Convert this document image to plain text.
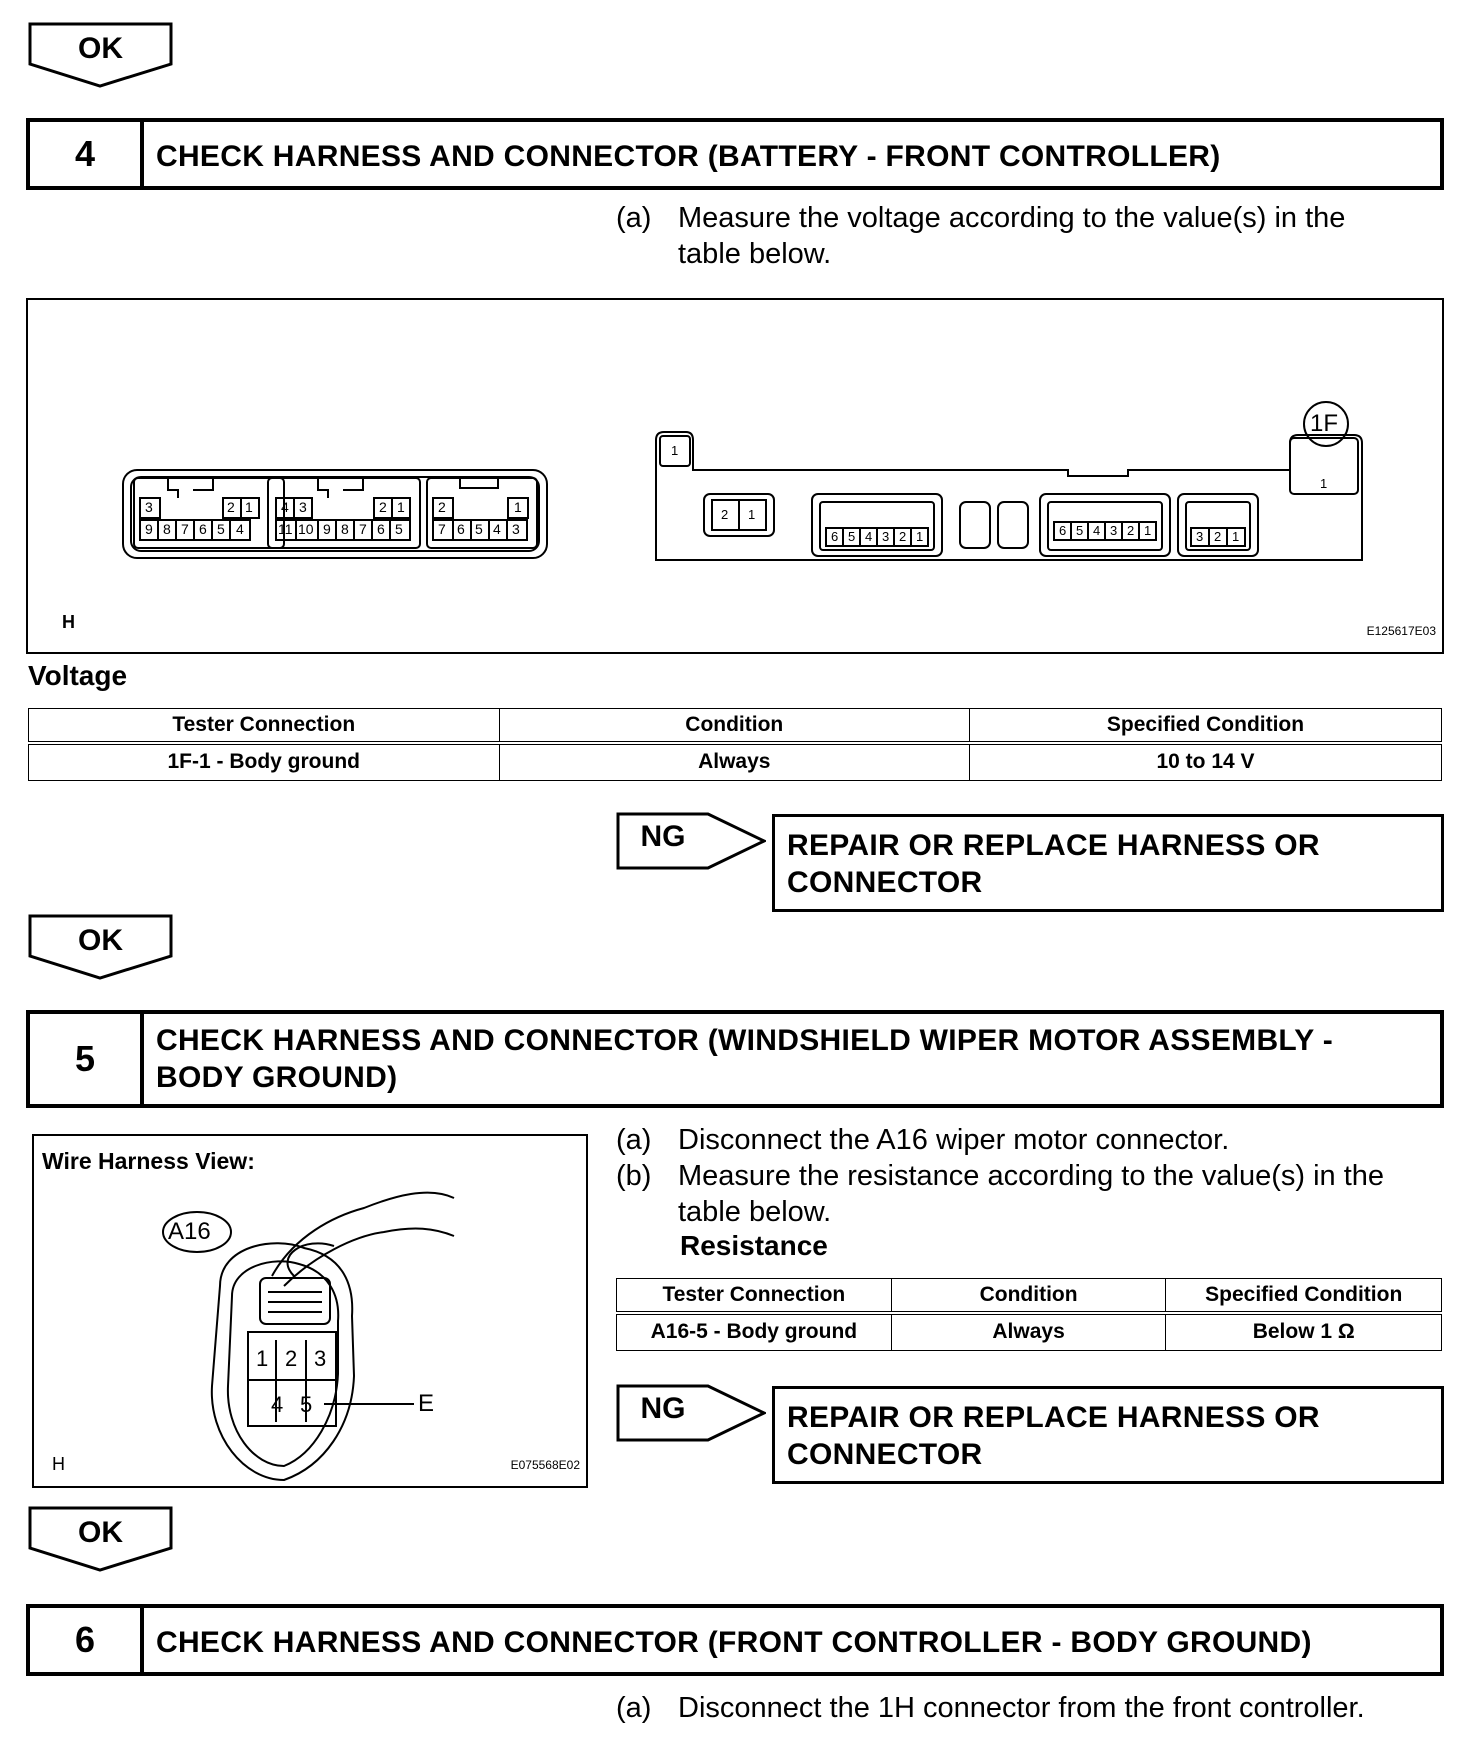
OK
4	CHECK HARNESS AND CONNECTOR (BATTERY - FRONT CONTROLLER)
(a) Measure the voltage according to the value(s) in the table below.
3	2 1
9 8 7 6 5 4
4 3	2 1
11 10 9 8 7 6 5
2	1
7 6 5 4 3
1
1
2 1
6 5 4 3 2 1	6 5 4 3 2 1	3 2 1
1F
H	E125617E03
Voltage
Tester Connection	Condition	Specified Condition
1F-1 - Body ground	Always	10 to 14 V
NG	REPAIR OR REPLACE HARNESS OR CONNECTOR
OK
5	CHECK HARNESS AND CONNECTOR (WINDSHIELD WIPER MOTOR ASSEMBLY - BODY GROUND)
Wire Harness View:
A16
1 2 3
4 5	E
H	E075568E02
(a) Disconnect the A16 wiper motor connector.
(b) Measure the resistance according to the value(s) in the table below.
Resistance
Tester Connection	Condition	Specified Condition
A16-5 - Body ground	Always	Below 1 Ω
NG	REPAIR OR REPLACE HARNESS OR CONNECTOR
OK
6	CHECK HARNESS AND CONNECTOR (FRONT CONTROLLER - BODY GROUND)
(a) Disconnect the 1H connector from the front controller.
